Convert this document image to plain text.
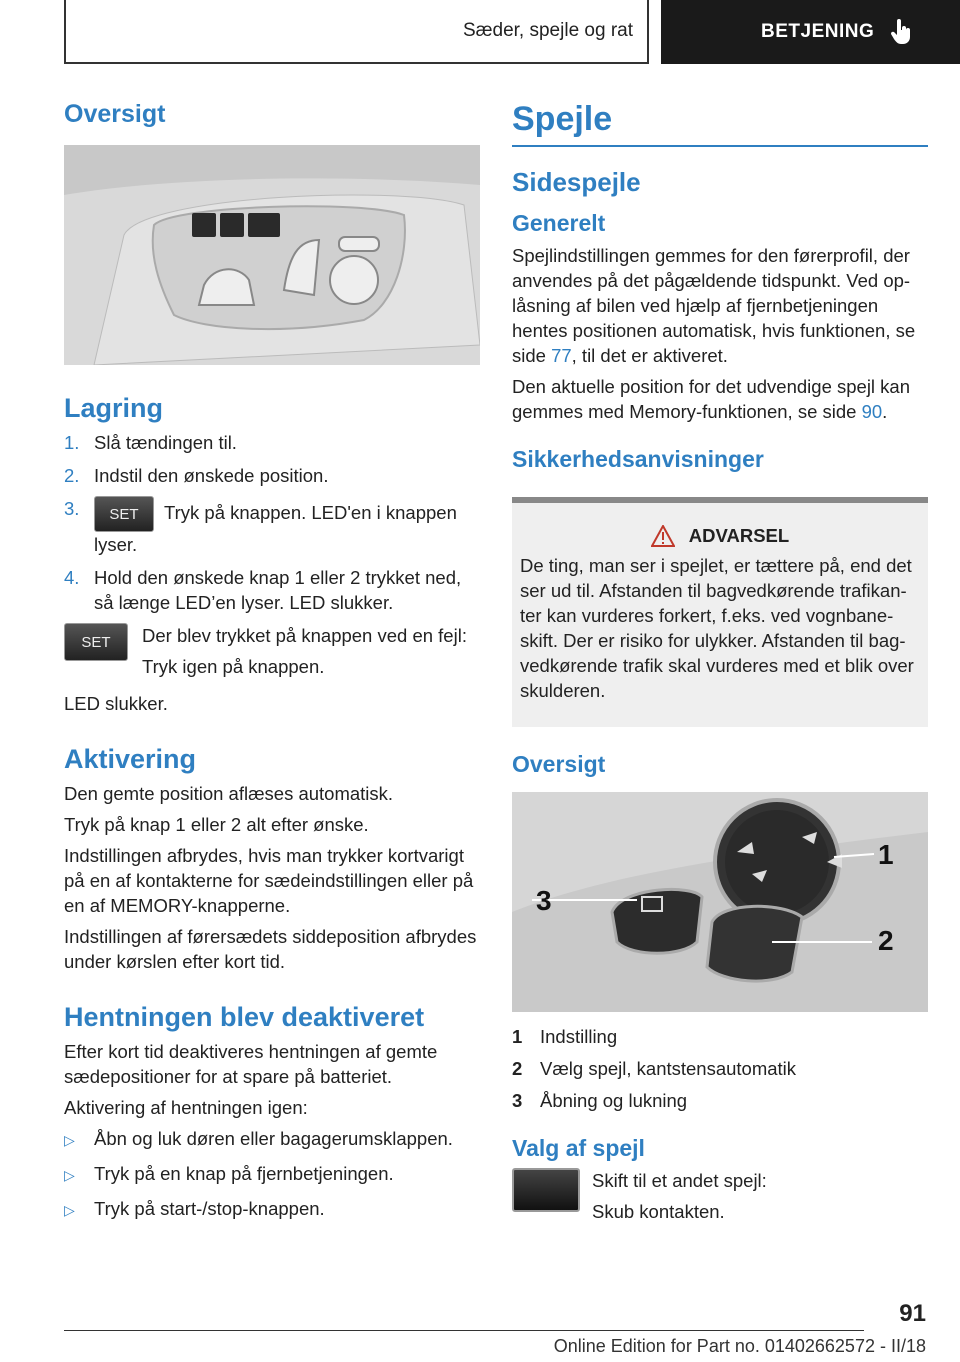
Sæder, spejle og rat	BETJENING
Oversigt
Lagring
1. Slå tændingen til.
2. Indstil den ønskede position.
3.	SET Tryk på knappen. LED'en i knappen lyser.
4. Hold den ønskede knap 1 eller 2 trykket ned, så længe LED’en lyser. LED slukker.
SET	Der blev trykket på knappen ved en fejl:

Tryk igen på knappen.

LED slukker.

Aktivering

Den gemte position aflæses automatisk.

Tryk på knap 1 eller 2 alt efter ønske.

Indstillingen afbrydes, hvis man trykker kortvarigt på en af kontakterne for sædeindstillingen eller på en af MEMORY-knapperne.

Indstillingen af førersædets siddeposition afbrydes under kørslen efter kort tid.

Hentningen blev deaktiveret

Efter kort tid deaktiveres hentningen af gemte sædepositioner for at spare på batteriet.

Aktivering af hentningen igen:

▷	Åbn og luk døren eller bagagerumsklappen.
▷	Tryk på en knap på fjernbetjeningen.
▷	Tryk på start-/stop-knappen.
Spejle
Sidespejle
Generelt

Spejlindstillingen gemmes for den førerprofil, der anvendes på det pågældende tidspunkt. Ved oplåsning af bilen ved hjælp af fjernbetjeningen hentes positionen automatisk, hvis funktionen, se side 77, til det er aktiveret.

Den aktuelle position for det udvendige spejl kan gemmes med Memory-funktionen, se side 90.

Sikkerhedsanvisninger
ADVARSEL

De ting, man ser i spejlet, er tættere på, end det ser ud til. Afstanden til bagvedkørende trafikanter kan vurderes forkert, f.eks. ved vognbaneskift. Der er risiko for ulykker. Afstanden til bagvedkørende trafik skal vurderes med et blik over skulderen.

Oversigt
1
2
3
1 Indstilling
2 Vælg spejl, kantstensautomatik
3 Åbning og lukning
Valg af spejl

Skift til et andet spejl:

Skub kontakten.

91
Online Edition for Part no. 01402662572 - II/18
